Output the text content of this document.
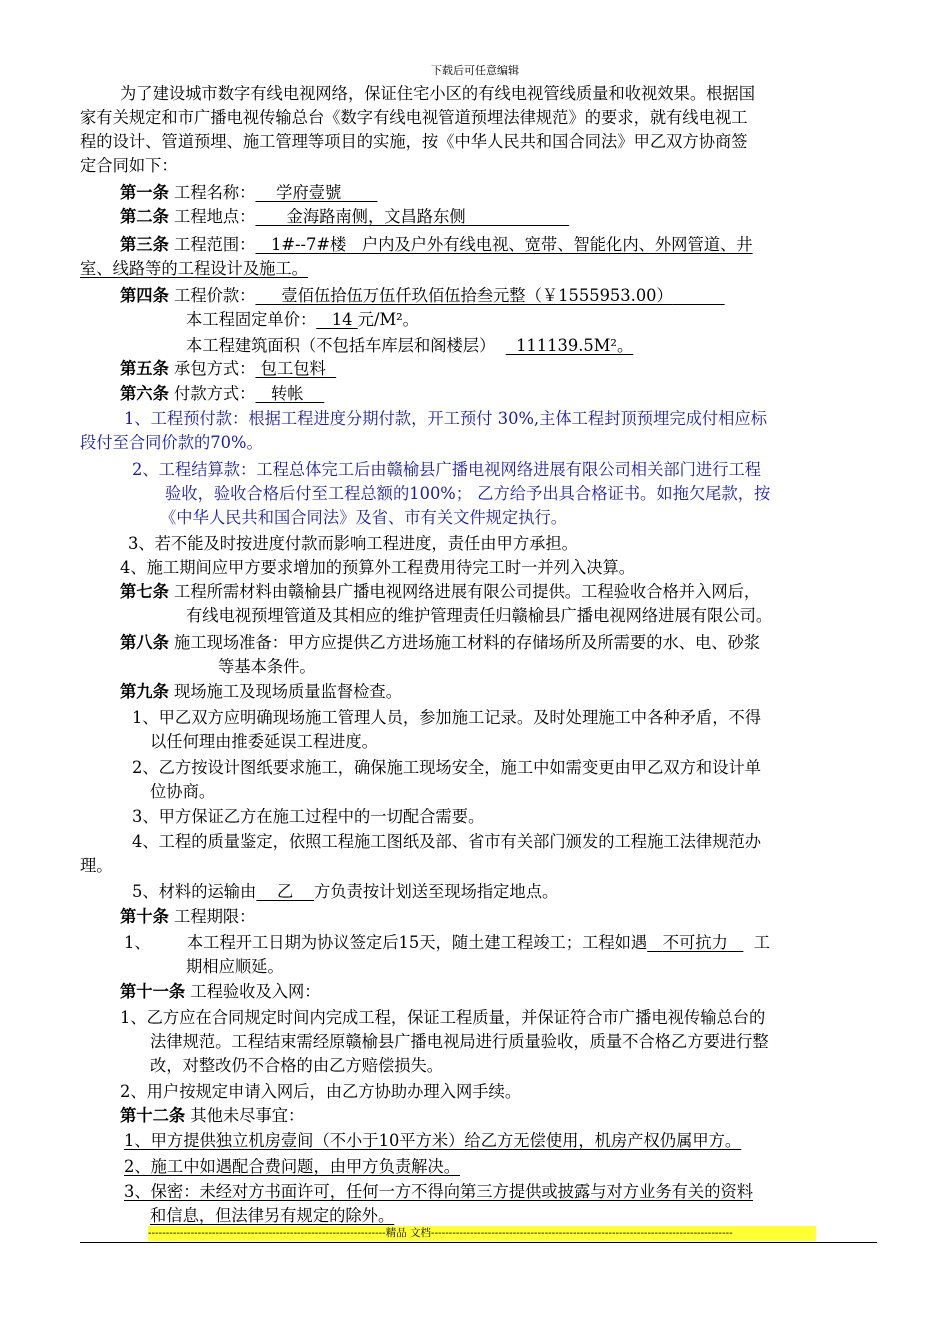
下载后可任意编辑
为了建设城市数字有线电视网络，保证住宅小区的有线电视管线质量和收视效果。根据国
家有关规定和市广播电视传输总台《数字有线电视管道预埋法律规范》的要求，就有线电视工
程的设计、管道预埋、施工管理等项目的实施，按《中华人民共和国合同法》甲乙双方协商签
定合同如下：
第一条 工程名称： 学府壹號
第二条 工程地点： 金海路南侧，文昌路东侧
第三条 工程范围： 1#--7#楼 户内及户外有线电视、宽带、智能化内、外网管道、井
室、线路等的工程设计及施工。
第四条 工程价款： 壹佰伍拾伍万伍仟玖佰伍拾叁元整（￥1555953.00）
本工程固定单价： 14 元/M²。
本工程建筑面积（不包括车库层和阁楼层） 111139.5M²。
第五条 承包方式： 包工包料
第六条 付款方式： 转帐
1、工程预付款：根据工程进度分期付款，开工预付 30%,主体工程封顶预埋完成付相应标
段付至合同价款的70%。
2、工程结算款：工程总体完工后由赣榆县广播电视网络进展有限公司相关部门进行工程
验收，验收合格后付至工程总额的100%； 乙方给予出具合格证书。如拖欠尾款，按
《中华人民共和国合同法》及省、市有关文件规定执行。
3、若不能及时按进度付款而影响工程进度，责任由甲方承担。
4、施工期间应甲方要求增加的预算外工程费用待完工时一并列入决算。
第七条 工程所需材料由赣榆县广播电视网络进展有限公司提供。工程验收合格并入网后，
有线电视预埋管道及其相应的维护管理责任归赣榆县广播电视网络进展有限公司。
第八条 施工现场准备：甲方应提供乙方进场施工材料的存储场所及所需要的水、电、砂浆
等基本条件。
第九条 现场施工及现场质量监督检查。
1、甲乙双方应明确现场施工管理人员，参加施工记录。及时处理施工中各种矛盾，不得
以任何理由推委延误工程进度。
2、乙方按设计图纸要求施工，确保施工现场安全，施工中如需变更由甲乙双方和设计单
位协商。
3、甲方保证乙方在施工过程中的一切配合需要。
4、工程的质量鉴定，依照工程施工图纸及部、省市有关部门颁发的工程施工法律规范办
理。
5、材料的运输由 乙 方负责按计划送至现场指定地点。
第十条 工程期限：
1、 本工程开工日期为协议签定后15天，随土建工程竣工；工程如遇 不可抗力 工
期相应顺延。
第十一条 工程验收及入网：
1、乙方应在合同规定时间内完成工程，保证工程质量，并保证符合市广播电视传输总台的
法律规范。工程结束需经原赣榆县广播电视局进行质量验收，质量不合格乙方要进行整
改，对整改仍不合格的由乙方赔偿损失。
2、用户按规定申请入网后，由乙方协助办理入网手续。
第十二条 其他未尽事宜：
1、甲方提供独立机房壹间（不小于10平方米）给乙方无偿使用，机房产权仍属甲方。
2、施工中如遇配合费问题，由甲方负责解决。
3、保密：未经对方书面许可，任何一方不得向第三方提供或披露与对方业务有关的资料
和信息，但法律另有规定的除外。
-------------------------------------------------------------------精品 文档-------------------------------------------------------------------------------------
